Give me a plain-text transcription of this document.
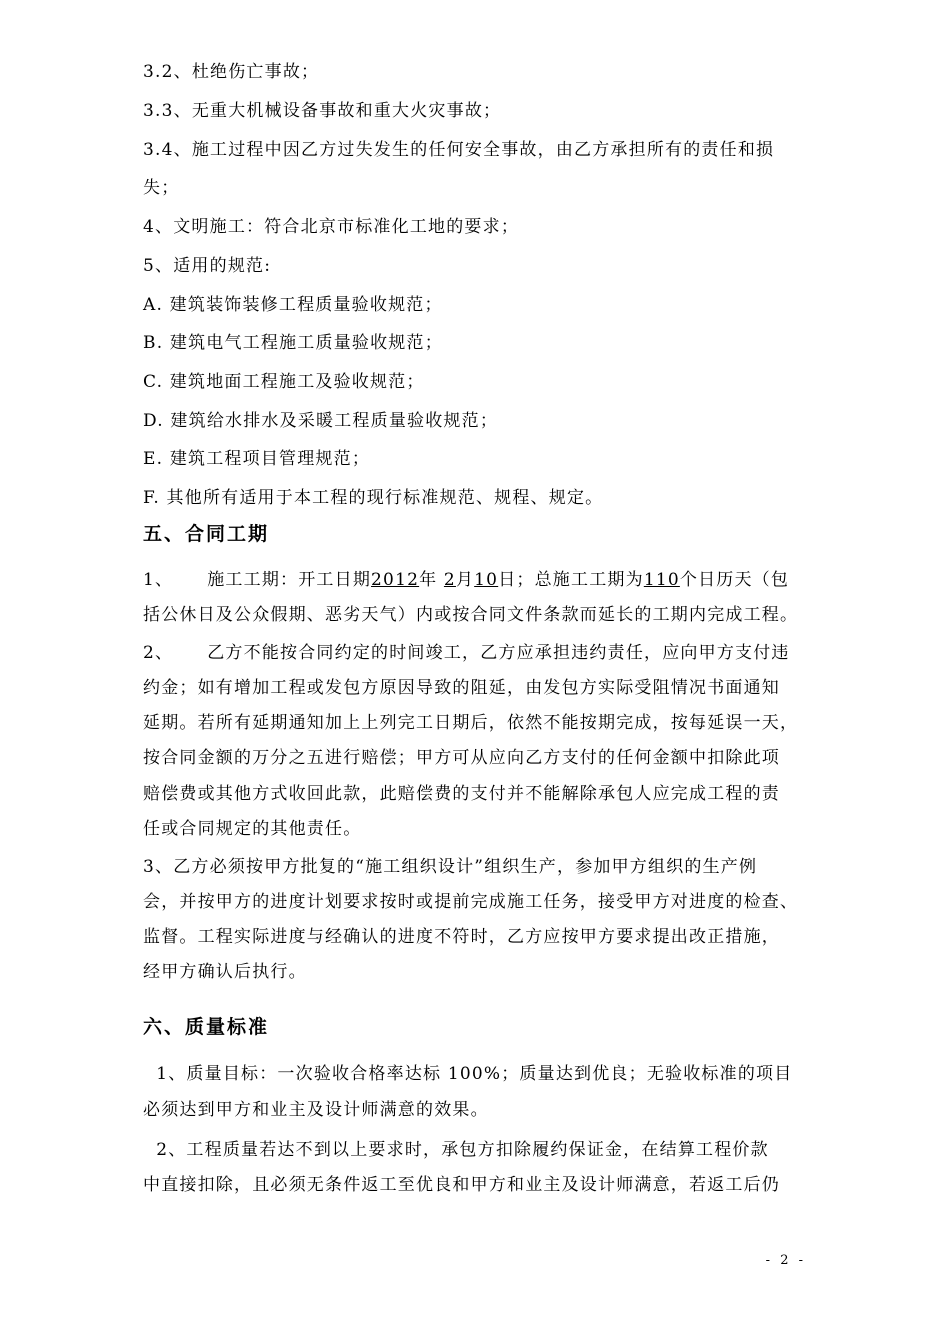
3.2、杜绝伤亡事故；
3.3、无重大机械设备事故和重大火灾事故；
3.4、施工过程中因乙方过失发生的任何安全事故，由乙方承担所有的责任和损
失；
4、文明施工：符合北京市标准化工地的要求；
5、适用的规范:
A. 建筑装饰装修工程质量验收规范；
B. 建筑电气工程施工质量验收规范；
C. 建筑地面工程施工及验收规范；
D. 建筑给水排水及采暖工程质量验收规范；
E. 建筑工程项目管理规范；
F. 其他所有适用于本工程的现行标准规范、规程、规定。
五、合同工期
1、 施工工期：开工日期2012年 2月10日；总施工工期为110个日历天（包
括公休日及公众假期、恶劣天气）内或按合同文件条款而延长的工期内完成工程。
2、 乙方不能按合同约定的时间竣工，乙方应承担违约责任，应向甲方支付违
约金；如有增加工程或发包方原因导致的阻延，由发包方实际受阻情况书面通知
延期。若所有延期通知加上上列完工日期后，依然不能按期完成，按每延误一天，
按合同金额的万分之五进行赔偿；甲方可从应向乙方支付的任何金额中扣除此项
赔偿费或其他方式收回此款，此赔偿费的支付并不能解除承包人应完成工程的责
任或合同规定的其他责任。
3、乙方必须按甲方批复的“施工组织设计”组织生产，参加甲方组织的生产例
会，并按甲方的进度计划要求按时或提前完成施工任务，接受甲方对进度的检查、
监督。工程实际进度与经确认的进度不符时，乙方应按甲方要求提出改正措施，
经甲方确认后执行。
六、质量标准
1、质量目标：一次验收合格率达标 100%；质量达到优良；无验收标准的项目
必须达到甲方和业主及设计师满意的效果。
2、工程质量若达不到以上要求时，承包方扣除履约保证金，在结算工程价款
中直接扣除，且必须无条件返工至优良和甲方和业主及设计师满意，若返工后仍
- 2 -
